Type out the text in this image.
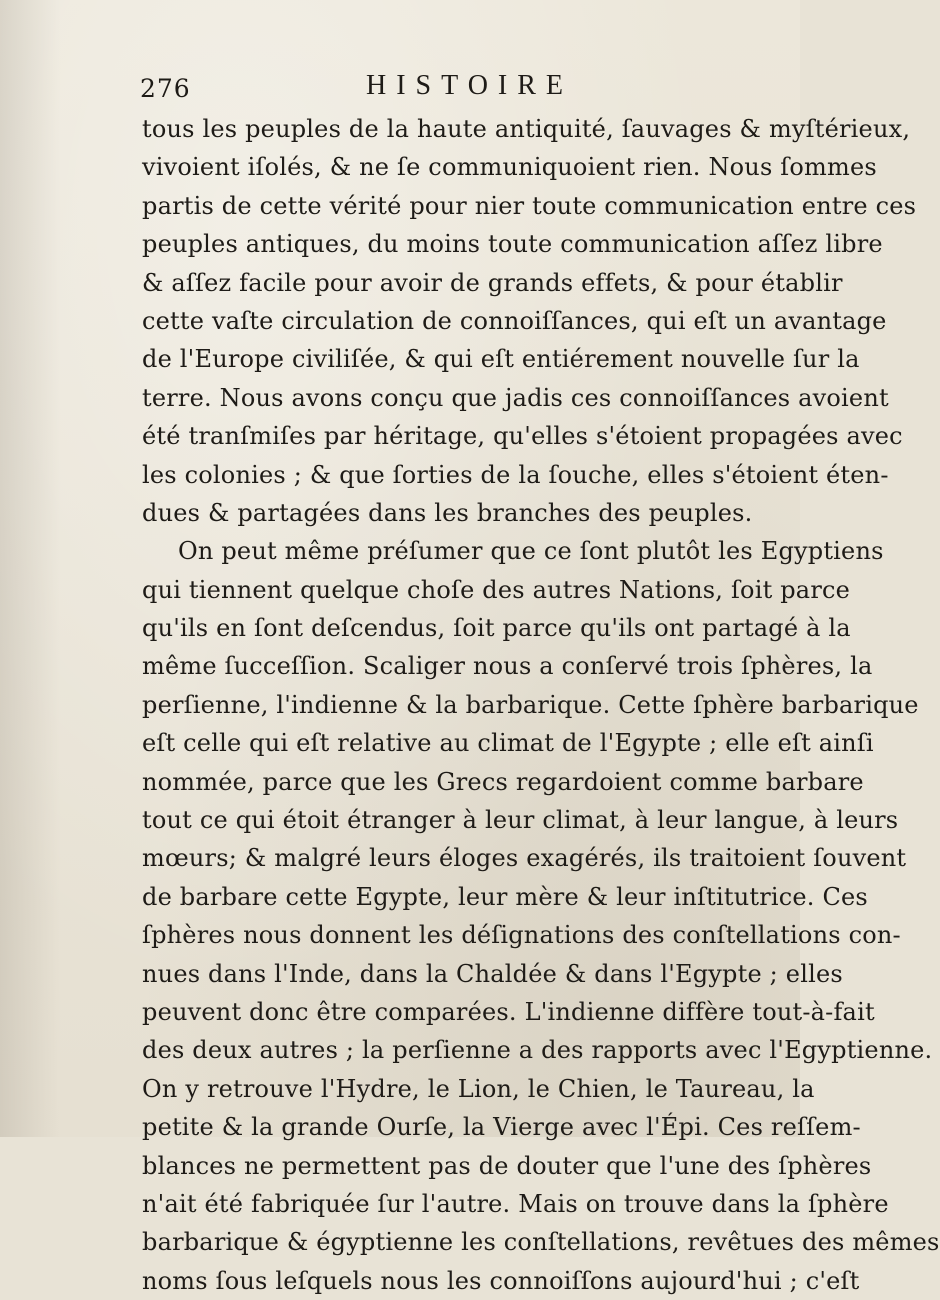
276	HISTOIRE
tous les peuples de la haute antiquité, ſauvages & myſtérieux,
vivoient iſolés, & ne ſe communiquoient rien. Nous ſommes
partis de cette vérité pour nier toute communication entre ces
peuples antiques, du moins toute communication aſſez libre
& aſſez facile pour avoir de grands effets, & pour établir
cette vaſte circulation de connoiſſances, qui eſt un avantage
de l'Europe civiliſée, & qui eſt entiérement nouvelle ſur la
terre. Nous avons conçu que jadis ces connoiſſances avoient
été tranſmiſes par héritage, qu'elles s'étoient propagées avec
les colonies ; & que ſorties de la ſouche, elles s'étoient éten-
dues & partagées dans les branches des peuples.
On peut même préſumer que ce ſont plutôt les Egyptiens
qui tiennent quelque choſe des autres Nations, ſoit parce
qu'ils en ſont deſcendus, ſoit parce qu'ils ont partagé à la
même ſucceſſion. Scaliger nous a conſervé trois ſphères, la
perſienne, l'indienne & la barbarique. Cette ſphère barbarique
eſt celle qui eſt relative au climat de l'Egypte ; elle eſt ainſi
nommée, parce que les Grecs regardoient comme barbare
tout ce qui étoit étranger à leur climat, à leur langue, à leurs
mœurs; & malgré leurs éloges exagérés, ils traitoient ſouvent
de barbare cette Egypte, leur mère & leur inſtitutrice. Ces
ſphères nous donnent les déſignations des conſtellations con-
nues dans l'Inde, dans la Chaldée & dans l'Egypte ; elles
peuvent donc être comparées. L'indienne diffère tout-à-fait
des deux autres ; la perſienne a des rapports avec l'Egyptienne.
On y retrouve l'Hydre, le Lion, le Chien, le Taureau, la
petite & la grande Ourſe, la Vierge avec l'Épi. Ces reſſem-
blances ne permettent pas de douter que l'une des ſphères
n'ait été fabriquée ſur l'autre. Mais on trouve dans la ſphère
barbarique & égyptienne les conſtellations, revêtues des mêmes
noms ſous leſquels nous les connoiſſons aujourd'hui ; c'eſt
